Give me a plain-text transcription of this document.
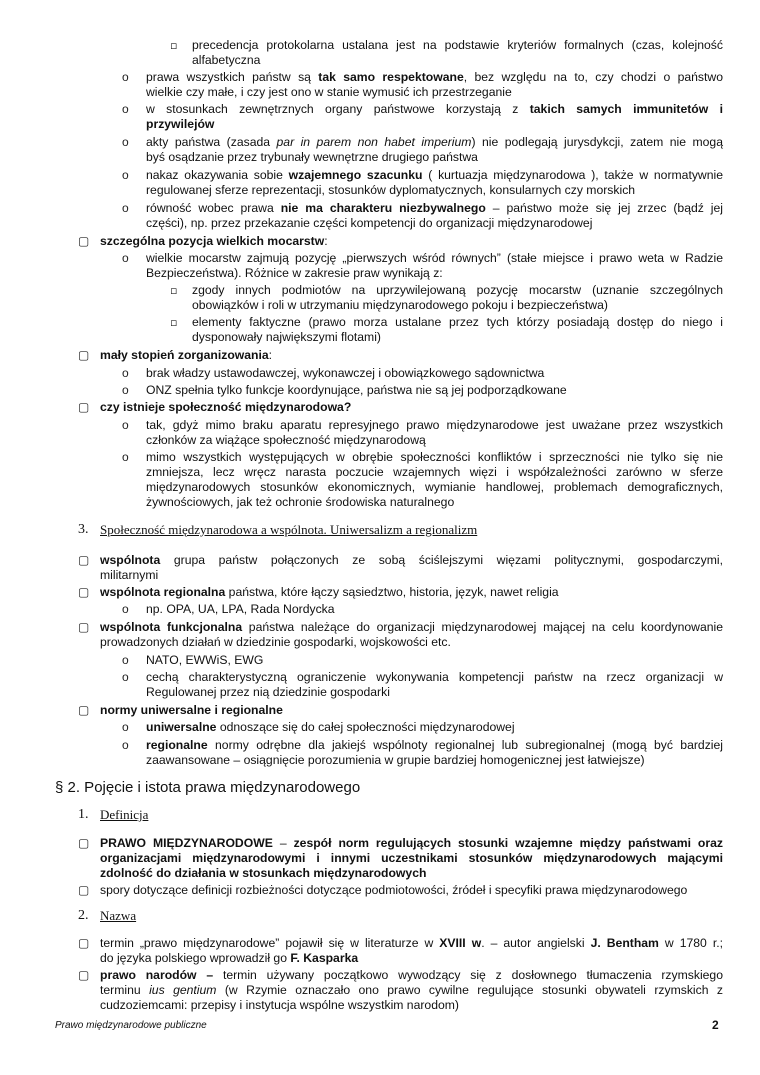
▫ precedencja protokolarna ustalana jest na podstawie kryteriów formalnych (czas, kolejność
alfabetyczna
o prawa wszystkich państw są tak samo respektowane, bez względu na to, czy chodzi o państwo
wielkie czy małe, i czy jest ono w stanie wymusić ich przestrzeganie
o w stosunkach zewnętrznych organy państwowe korzystają z takich samych immunitetów i
przywilejów
o akty państwa (zasada par in parem non habet imperium) nie podlegają jurysdykcji, zatem nie mogą
byś osądzanie przez trybunały wewnętrzne drugiego państwa
o nakaz okazywania sobie wzajemnego szacunku ( kurtuazja międzynarodowa ), także w normatywnie
regulowanej sferze reprezentacji, stosunków dyplomatycznych, konsularnych czy morskich
o równość wobec prawa nie ma charakteru niezbywalnego – państwo może się jej zrzec (bądź jej
części), np. przez przekazanie części kompetencji do organizacji międzynarodowej
▢ szczególna pozycja wielkich mocarstw:
o wielkie mocarstw zajmują pozycję „pierwszych wśród równych” (stałe miejsce i prawo weta w Radzie
Bezpieczeństwa). Różnice w zakresie praw wynikają z:
▫ zgody innych podmiotów na uprzywilejowaną pozycję mocarstw (uznanie szczególnych
obowiązków i roli w utrzymaniu międzynarodowego pokoju i bezpieczeństwa)
▫ elementy faktyczne (prawo morza ustalane przez tych którzy posiadają dostęp do niego i
dysponowały największymi flotami)
▢ mały stopień zorganizowania:
o brak władzy ustawodawczej, wykonawczej i obowiązkowego sądownictwa
o ONZ spełnia tylko funkcje koordynujące, państwa nie są jej podporządkowane
▢ czy istnieje społeczność międzynarodowa?
o tak, gdyż mimo braku aparatu represyjnego prawo międzynarodowe jest uważane przez wszystkich
członków za wiążące społeczność międzynarodową
o mimo wszystkich występujących w obrębie społeczności konfliktów i sprzeczności nie tylko się nie
zmniejsza, lecz wręcz narasta poczucie wzajemnych więzi i współzależności zarówno w sferze
międzynarodowych stosunków ekonomicznych, wymianie handlowej, problemach demograficznych,
żywnościowych, jak też ochronie środowiska naturalnego
3. Społeczność międzynarodowa a wspólnota. Uniwersalizm a regionalizm
▢ wspólnota grupa państw połączonych ze sobą ściślejszymi więzami politycznymi, gospodarczymi,
militarnymi
▢ wspólnota regionalna państwa, które łączy sąsiedztwo, historia, język, nawet religia
o np. OPA, UA, LPA, Rada Nordycka
▢ wspólnota funkcjonalna państwa należące do organizacji międzynarodowej mającej na celu koordynowanie
prowadzonych działań w dziedzinie gospodarki, wojskowości etc.
o NATO, EWWiS, EWG
o cechą charakterystyczną ograniczenie wykonywania kompetencji państw na rzecz organizacji w
Regulowanej przez nią dziedzinie gospodarki
▢ normy uniwersalne i regionalne
o uniwersalne odnoszące się do całej społeczności międzynarodowej
o regionalne normy odrębne dla jakiejś wspólnoty regionalnej lub subregionalnej (mogą być bardziej
zaawansowane – osiągnięcie porozumienia w grupie bardziej homogenicznej jest łatwiejsze)
§ 2. Pojęcie i istota prawa międzynarodowego
1. Definicja
▢ PRAWO MIĘDZYNARODOWE – zespół norm regulujących stosunki wzajemne między państwami oraz
organizacjami międzynarodowymi i innymi uczestnikami stosunków międzynarodowych mającymi
zdolność do działania w stosunkach międzynarodowych
▢ spory dotyczące definicji rozbieżności dotyczące podmiotowości, źródeł i specyfiki prawa międzynarodowego
2. Nazwa
▢ termin „prawo międzynarodowe” pojawił się w literaturze w XVIII w. – autor angielski J. Bentham w 1780 r.;
do języka polskiego wprowadził go F. Kasparka
▢ prawo narodów – termin używany początkowo wywodzący się z dosłownego tłumaczenia rzymskiego
terminu ius gentium (w Rzymie oznaczało ono prawo cywilne regulujące stosunki obywateli rzymskich z
cudzoziemcami: przepisy i instytucja wspólne wszystkim narodom)
Prawo międzynarodowe publiczne	2
